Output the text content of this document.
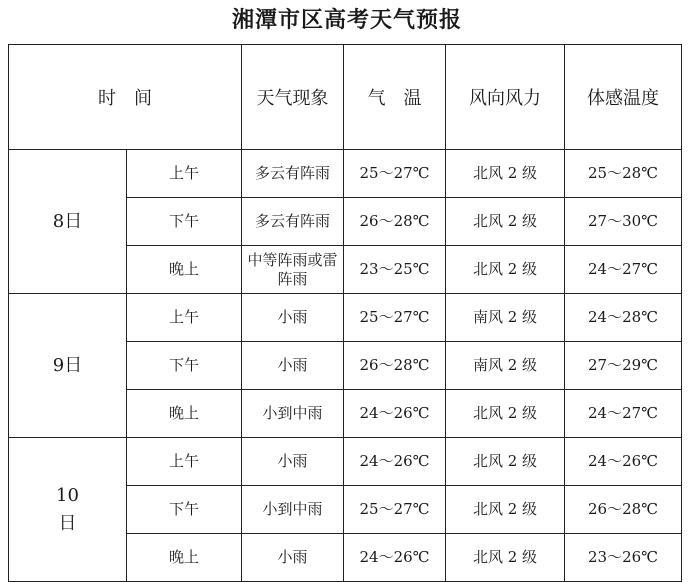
湘潭市区高考天气预报
时　间		天气现象	气　温	风向风力	体感温度	
8日	上午	多云有阵雨	25～27℃	北风 2 级	25～28℃	
	下午	多云有阵雨	26～28℃	北风 2 级	27～30℃	
	晚上	中等阵雨或雷阵雨	23～25℃	北风 2 级	24～27℃	
9日	上午	小雨	25～27℃	南风 2 级	24～28℃	
	下午	小雨	26～28℃	南风 2 级	27～29℃	
	晚上	小到中雨	24～26℃	北风 2 级	24～27℃	
10日	上午	小雨	24～26℃	北风 2 级	24～26℃	
	下午	小到中雨	25～27℃	北风 2 级	26～28℃	
	晚上	小雨	24～26℃	北风 2 级	23～26℃	
